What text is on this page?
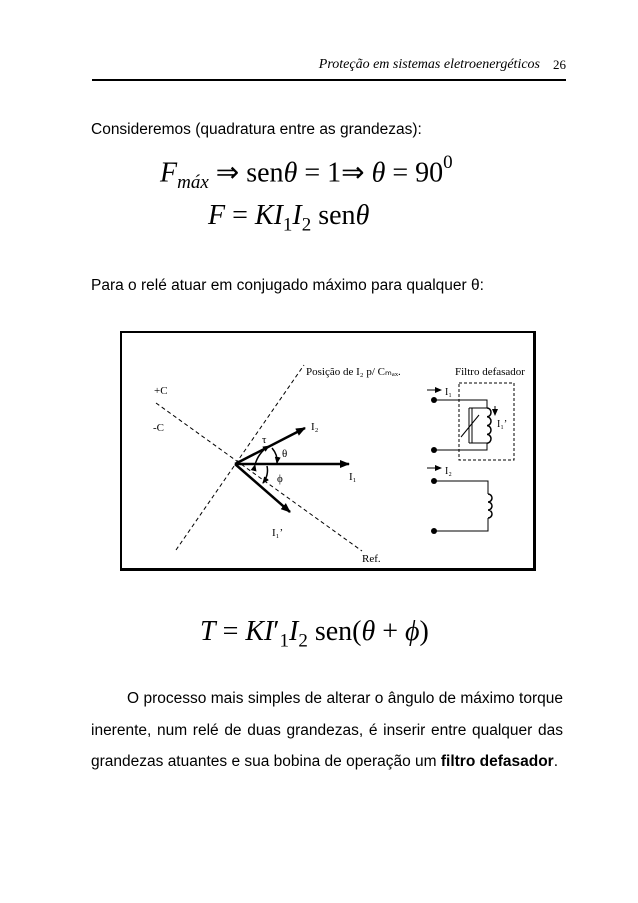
Proteção em sistemas eletroenergéticos 26
Consideremos (quadratura entre as grandezas):
$F_{máx}$ ⇒ senθ = 1⇒ $\theta = 90^0$
$F = KI_1I_2$ senθ
Para o relé atuar em conjugado máximo para qualquer θ:
Posição de I₂ p/ Cₘₐₓ.	Filtro defasador
+C
-C
τ
θ
ϕ
I₂
I₁
I₁’
Ref.
I₁
I₁’
I₂
$T = KI'_1I_2$ sen(θ + ϕ)
O processo mais simples de alterar o ângulo de máximo torque inerente, num relé de duas grandezas, é inserir entre qualquer das grandezas atuantes e sua bobina de operação um filtro defasador.
